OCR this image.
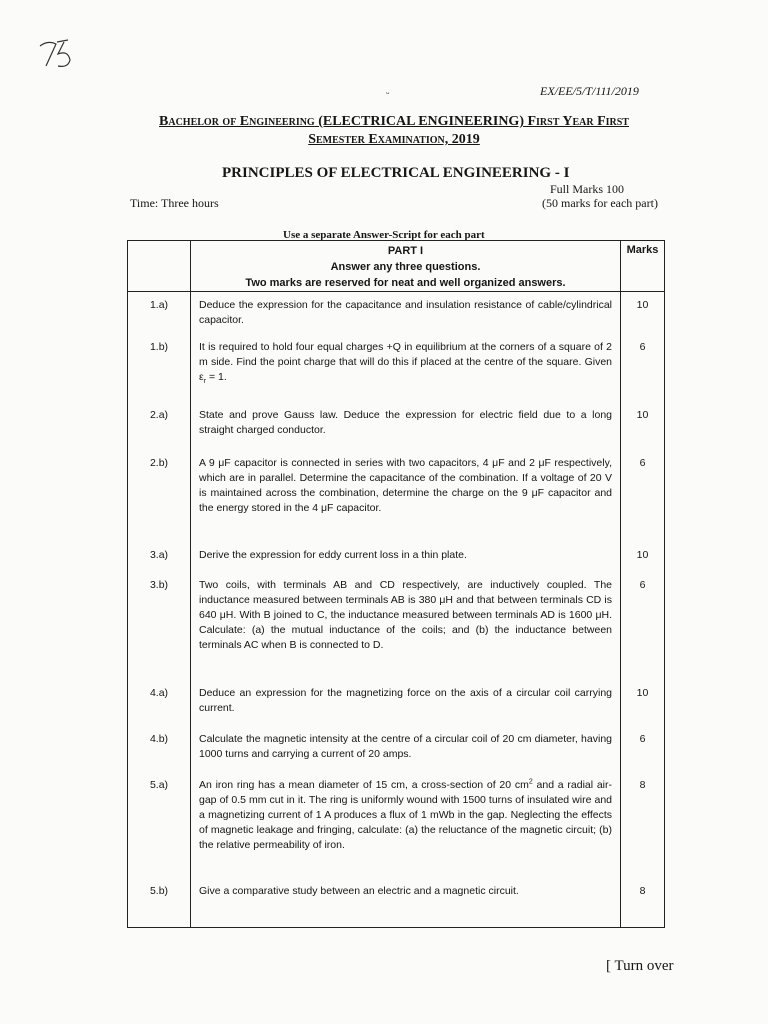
ᵕ	EX/EE/5/T/111/2019
Bachelor of Engineering (ELECTRICAL ENGINEERING) First Year First
Semester Examination, 2019
PRINCIPLES OF ELECTRICAL ENGINEERING - I
Full Marks 100
Time: Three hours	(50 marks for each part)
Use a separate Answer-Script for each part

	PART I
Answer any three questions.
Two marks are reserved for neat and well organized answers.	Marks
1.a)	Deduce the expression for the capacitance and insulation resistance of cable/cylindrical capacitor.	10
1.b)	It is required to hold four equal charges +Q in equilibrium at the corners of a square of 2 m side. Find the point charge that will do this if placed at the centre of the square. Given $\varepsilon_r = 1$.	6
2.a)	State and prove Gauss law. Deduce the expression for electric field due to a long straight charged conductor.	10
2.b)	A 9 μF capacitor is connected in series with two capacitors, 4 μF and 2 μF respectively, which are in parallel. Determine the capacitance of the combination. If a voltage of 20 V is maintained across the combination, determine the charge on the 9 μF capacitor and the energy stored in the 4 μF capacitor.	6
3.a)	Derive the expression for eddy current loss in a thin plate.	10
3.b)	Two coils, with terminals AB and CD respectively, are inductively coupled. The inductance measured between terminals AB is 380 μH and that between terminals CD is 640 μH. With B joined to C, the inductance measured between terminals AD is 1600 μH. Calculate: (a) the mutual inductance of the coils; and (b) the inductance between terminals AC when B is connected to D.	6
4.a)	Deduce an expression for the magnetizing force on the axis of a circular coil carrying current.	10
4.b)	Calculate the magnetic intensity at the centre of a circular coil of 20 cm diameter, having 1000 turns and carrying a current of 20 amps.	6
5.a)	An iron ring has a mean diameter of 15 cm, a cross-section of 20 $cm^2$ and a radial air-gap of 0.5 mm cut in it. The ring is uniformly wound with 1500 turns of insulated wire and a magnetizing current of 1 A produces a flux of 1 mWb in the gap. Neglecting the effects of magnetic leakage and fringing, calculate: (a) the reluctance of the magnetic circuit; (b) the relative permeability of iron.	8
5.b)	Give a comparative study between an electric and a magnetic circuit.	8
[ Turn over
